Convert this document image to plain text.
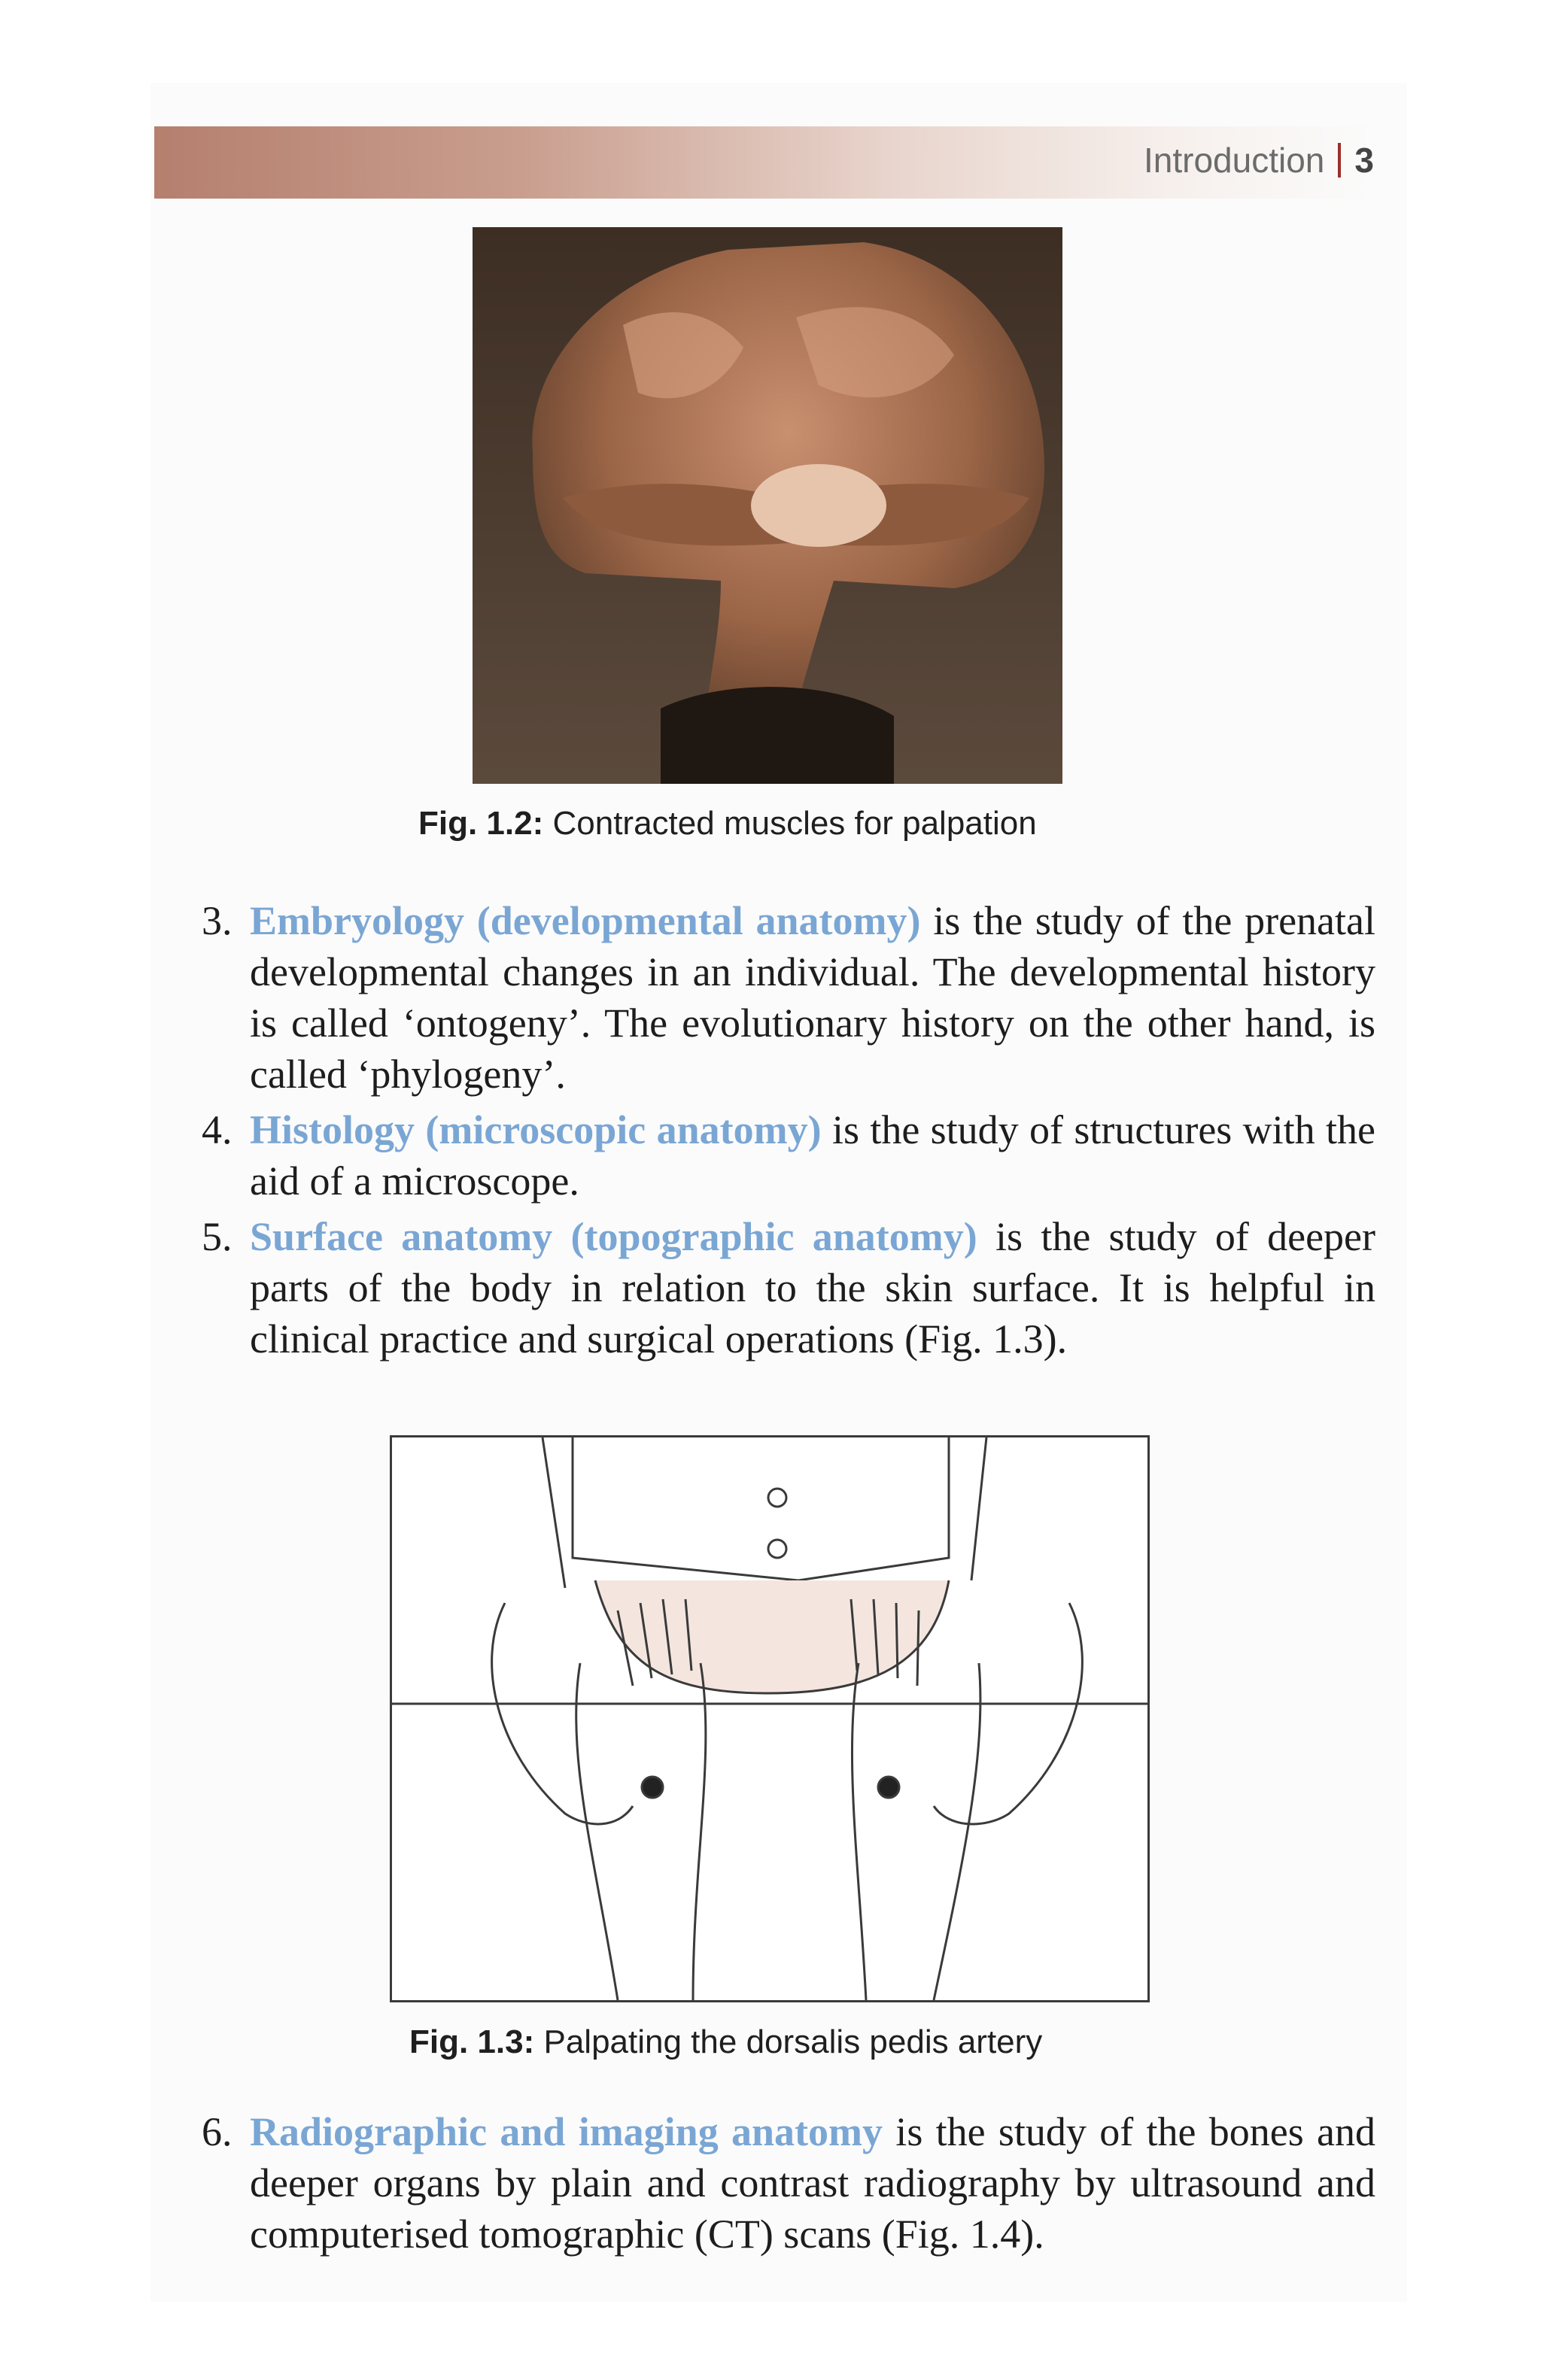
Introduction 3
Fig. 1.2: Contracted muscles for palpation
3. Embryology (developmental anatomy) is the study of the prenatal developmental changes in an individual. The developmental history is called ‘ontogeny’. The evolutionary history on the other hand, is called ‘phylogeny’.
4. Histology (microscopic anatomy) is the study of structures with the aid of a microscope.
5. Surface anatomy (topographic anatomy) is the study of deeper parts of the body in relation to the skin surface. It is helpful in clinical practice and surgical operations (Fig. 1.3).
Fig. 1.3: Palpating the dorsalis pedis artery
6. Radiographic and imaging anatomy is the study of the bones and deeper organs by plain and contrast radiography by ultrasound and computerised tomographic (CT) scans (Fig. 1.4).
